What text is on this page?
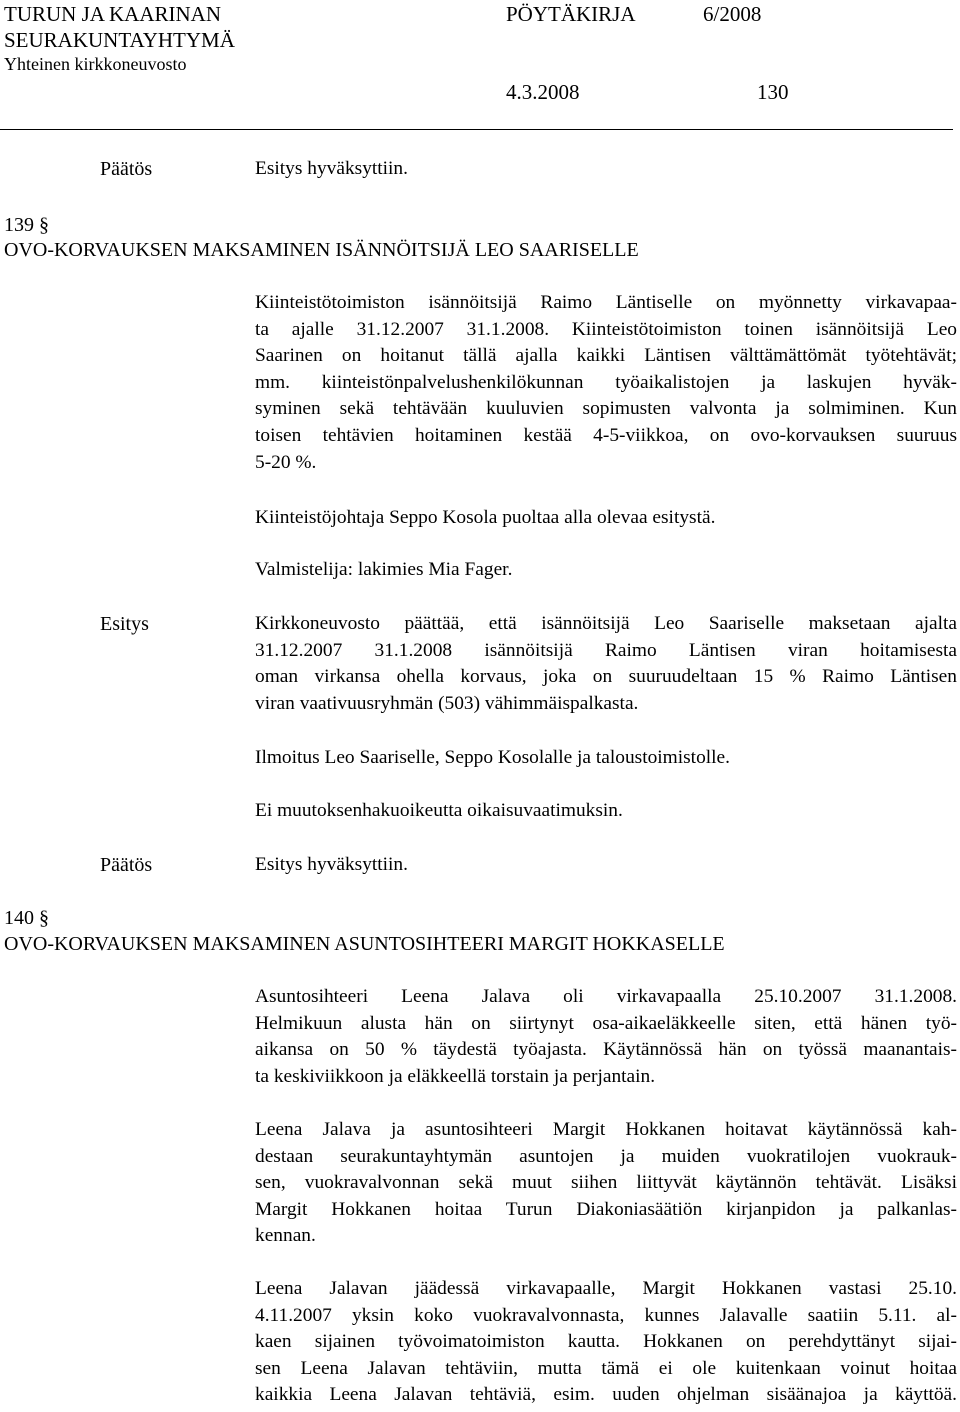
TURUN JA KAARINAN
SEURAKUNTAYHTYMÄ
Yhteinen kirkkoneuvosto
PÖYTÄKIRJA	6/2008
4.3.2008	130
Päätös	Esitys hyväksyttiin.
139 §
OVO-KORVAUKSEN MAKSAMINEN ISÄNNÖITSIJÄ LEO SAARISELLE
Kiinteistötoimiston isännöitsijä Raimo Läntiselle on myönnetty virkavapaa-
ta ajalle 31.12.2007 31.1.2008. Kiinteistötoimiston toinen isännöitsijä Leo
Saarinen on hoitanut tällä ajalla kaikki Läntisen välttämättömät työtehtävät;
mm. kiinteistönpalvelushenkilökunnan työaikalistojen ja laskujen hyväk-
syminen sekä tehtävään kuuluvien sopimusten valvonta ja solmiminen. Kun
toisen tehtävien hoitaminen kestää 4-5-viikkoa, on ovo-korvauksen suuruus
5-20 %.
Kiinteistöjohtaja Seppo Kosola puoltaa alla olevaa esitystä.
Valmistelija: lakimies Mia Fager.
Esitys	Kirkkoneuvosto päättää, että isännöitsijä Leo Saariselle maksetaan ajalta
31.12.2007 31.1.2008 isännöitsijä Raimo Läntisen viran hoitamisesta
oman virkansa ohella korvaus, joka on suuruudeltaan 15 % Raimo Läntisen
viran vaativuusryhmän (503) vähimmäispalkasta.
Ilmoitus Leo Saariselle, Seppo Kosolalle ja taloustoimistolle.
Ei muutoksenhakuoikeutta oikaisuvaatimuksin.
Päätös	Esitys hyväksyttiin.
140 §
OVO-KORVAUKSEN MAKSAMINEN ASUNTOSIHTEERI MARGIT HOKKASELLE
Asuntosihteeri Leena Jalava oli virkavapaalla 25.10.2007 31.1.2008.
Helmikuun alusta hän on siirtynyt osa-aikaeläkkeelle siten, että hänen työ-
aikansa on 50 % täydestä työajasta. Käytännössä hän on työssä maanantais-
ta keskiviikkoon ja eläkkeellä torstain ja perjantain.
Leena Jalava ja asuntosihteeri Margit Hokkanen hoitavat käytännössä kah-
destaan seurakuntayhtymän asuntojen ja muiden vuokratilojen vuokrauk-
sen, vuokravalvonnan sekä muut siihen liittyvät käytännön tehtävät. Lisäksi
Margit Hokkanen hoitaa Turun Diakoniasäätiön kirjanpidon ja palkanlas-
kennan.
Leena Jalavan jäädessä virkavapaalle, Margit Hokkanen vastasi 25.10.
4.11.2007 yksin koko vuokravalvonnasta, kunnes Jalavalle saatiin 5.11. al-
kaen sijainen työvoimatoimiston kautta. Hokkanen on perehdyttänyt sijai-
sen Leena Jalavan tehtäviin, mutta tämä ei ole kuitenkaan voinut hoitaa
kaikkia Leena Jalavan tehtäviä, esim. uuden ohjelman sisäänajoa ja käyttöä.
